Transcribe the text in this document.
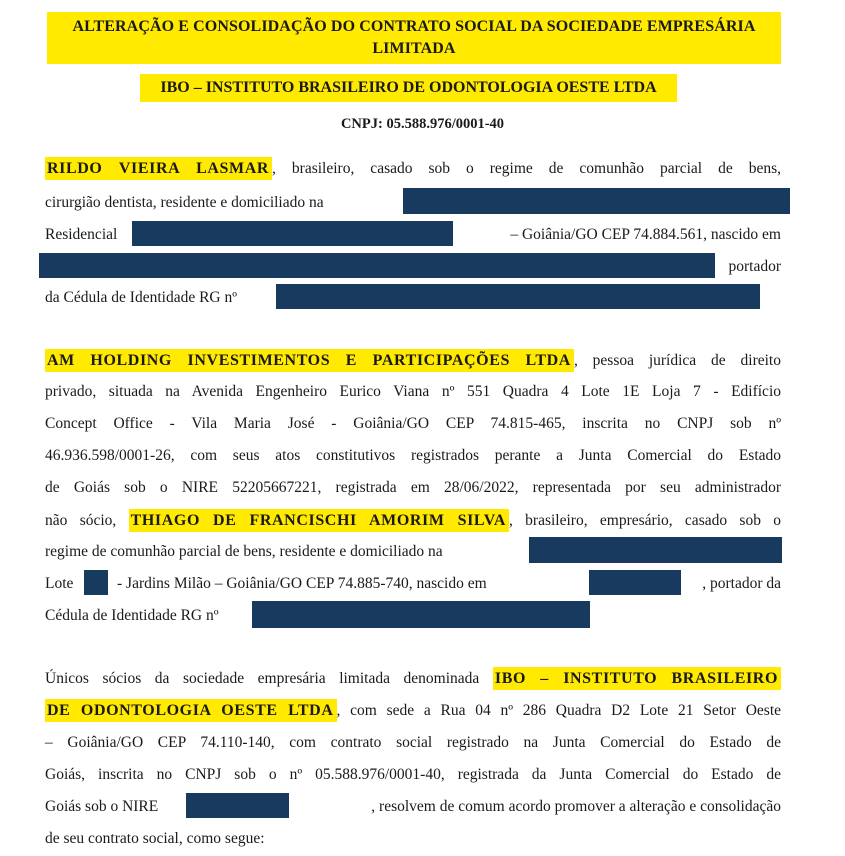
ALTERAÇÃO E CONSOLIDAÇÃO DO CONTRATO SOCIAL DA SOCIEDADE EMPRESÁRIA
LIMITADA
IBO – INSTITUTO BRASILEIRO DE ODONTOLOGIA OESTE LTDA
CNPJ: 05.588.976/0001-40
RILDO VIEIRA LASMAR , brasileiro, casado sob o regime de comunhão parcial de bens,
cirurgião dentista, residente e domiciliado na
Residencial	– Goiânia/GO CEP 74.884.561, nascido em
portador
da Cédula de Identidade RG nº
AM HOLDING INVESTIMENTOS E PARTICIPAÇÕES LTDA , pessoa jurídica de direito
privado, situada na Avenida Engenheiro Eurico Viana nº 551 Quadra 4 Lote 1E Loja 7 - Edifício
Concept Office - Vila Maria José - Goiânia/GO CEP 74.815-465, inscrita no CNPJ sob nº
46.936.598/0001-26, com seus atos constitutivos registrados perante a Junta Comercial do Estado
de Goiás sob o NIRE 52205667221, registrada em 28/06/2022, representada por seu administrador
não sócio, THIAGO DE FRANCISCHI AMORIM SILVA , brasileiro, empresário, casado sob o
regime de comunhão parcial de bens, residente e domiciliado na
Lote	- Jardins Milão – Goiânia/GO CEP 74.885-740, nascido em	, portador da
Cédula de Identidade RG nº
Únicos sócios da sociedade empresária limitada denominada IBO – INSTITUTO BRASILEIRO
DE ODONTOLOGIA OESTE LTDA , com sede a Rua 04 nº 286 Quadra D2 Lote 21 Setor Oeste
– Goiânia/GO CEP 74.110-140, com contrato social registrado na Junta Comercial do Estado de
Goiás, inscrita no CNPJ sob o nº 05.588.976/0001-40, registrada da Junta Comercial do Estado de
Goiás sob o NIRE	, resolvem de comum acordo promover a alteração e consolidação
de seu contrato social, como segue:
